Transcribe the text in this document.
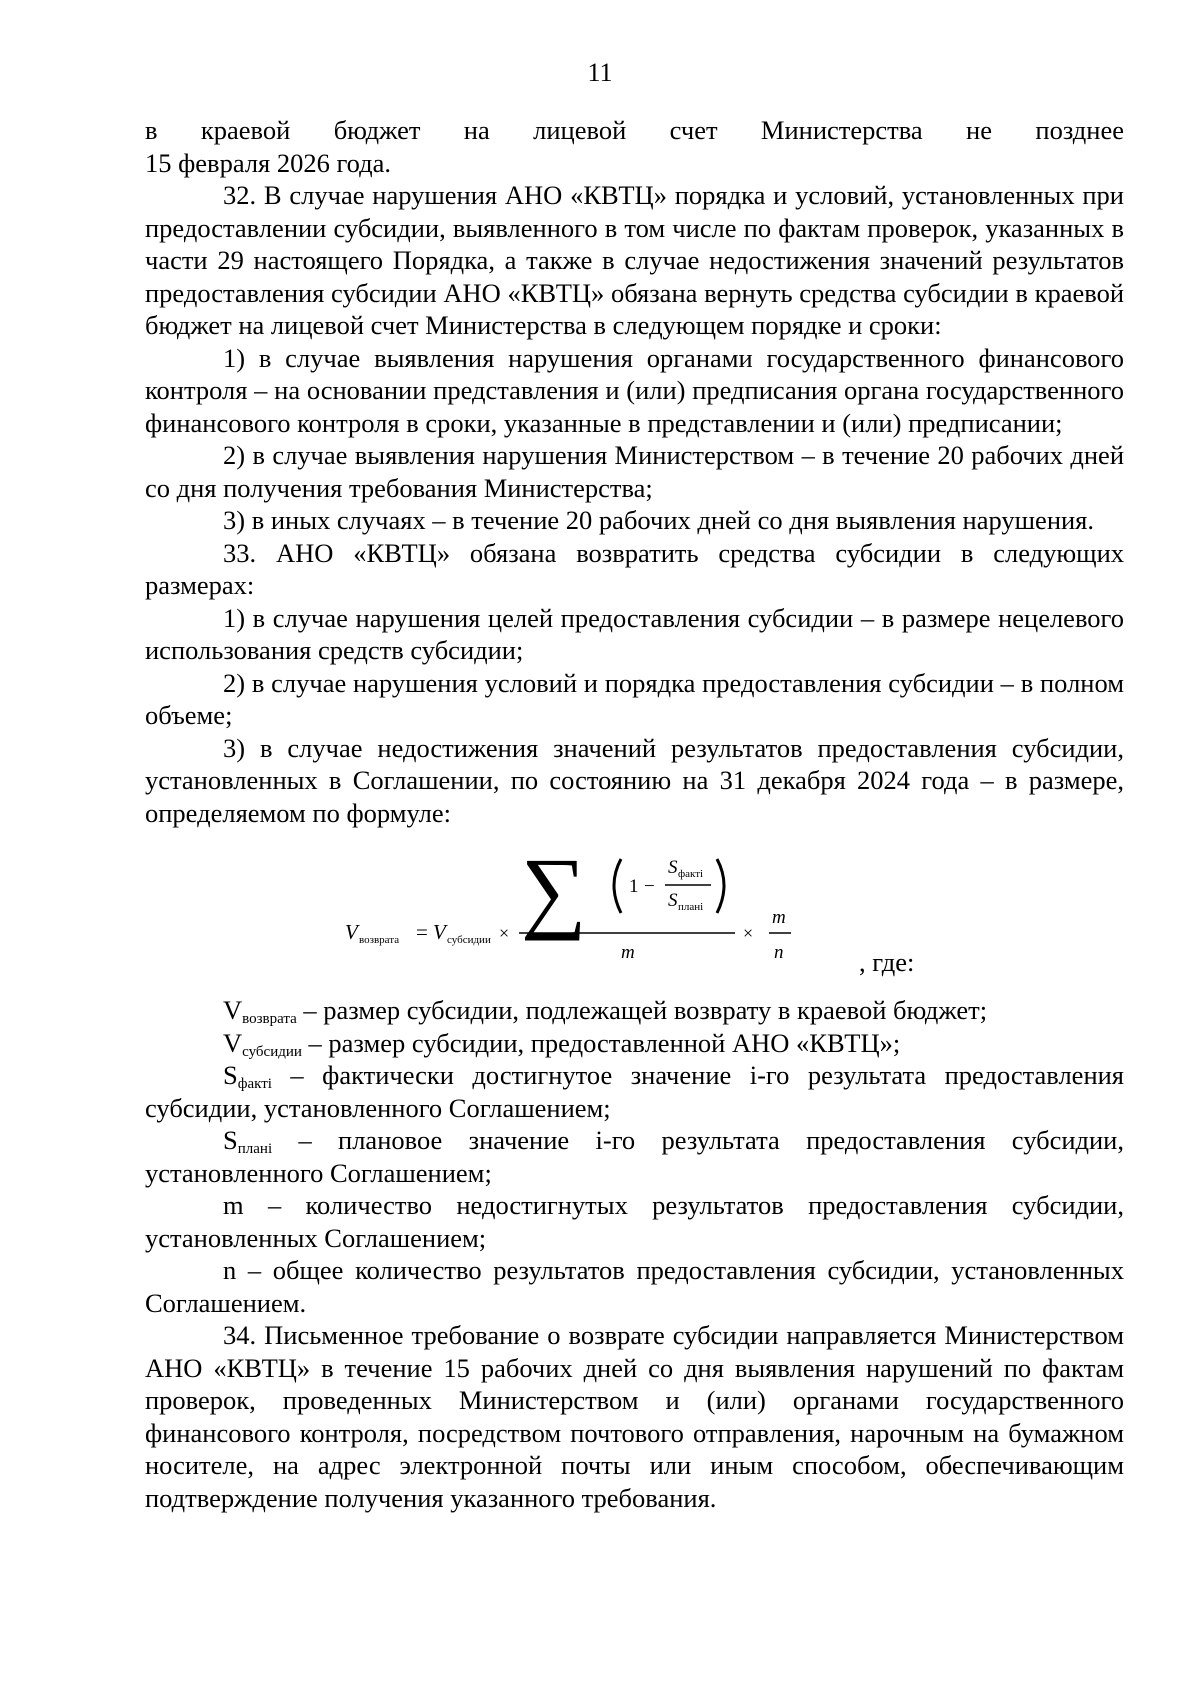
11

в краевой бюджет на лицевой счет Министерства не позднее

15 февраля 2026 года.

32. В случае нарушения АНО «КВТЦ» порядка и условий, установленных при предоставлении субсидии, выявленного в том числе по фактам проверок, указанных в части 29 настоящего Порядка, а также в случае недостижения значений результатов предоставления субсидии АНО «КВТЦ» обязана вернуть средства субсидии в краевой бюджет на лицевой счет Министерства в следующем порядке и сроки:

1) в случае выявления нарушения органами государственного финансового контроля – на основании представления и (или) предписания органа государственного финансового контроля в сроки, указанные в представлении и (или) предписании;

2) в случае выявления нарушения Министерством – в течение 20 рабочих дней со дня получения требования Министерства;

3) в иных случаях – в течение 20 рабочих дней со дня выявления нарушения.

33. АНО «КВТЦ» обязана возвратить средства субсидии в следующих размерах:

1) в случае нарушения целей предоставления субсидии – в размере нецелевого использования средств субсидии;

2) в случае нарушения условий и порядка предоставления субсидии – в полном объеме;

3) в случае недостижения значений результатов предоставления субсидии, установленных в Соглашении, по состоянию на 31 декабря 2024 года – в размере, определяемом по формуле:

V возврата = V субсидии × ∑ 1 −
S фактi
S планi
m
×
m
n	, где:

$V_{возврата}$ – размер субсидии, подлежащей возврату в краевой бюджет;

$V_{субсидии}$ – размер субсидии, предоставленной АНО «КВТЦ»;

$S_{фактi}$ – фактически достигнутое значение i-го результата предоставления субсидии, установленного Соглашением;

$S_{планi}$ – плановое значение i-го результата предоставления субсидии, установленного Соглашением;

m – количество недостигнутых результатов предоставления субсидии, установленных Соглашением;

n – общее количество результатов предоставления субсидии, установленных Соглашением.

34. Письменное требование о возврате субсидии направляется Министерством АНО «КВТЦ» в течение 15 рабочих дней со дня выявления нарушений по фактам проверок, проведенных Министерством и (или) органами государственного финансового контроля, посредством почтового отправления, нарочным на бумажном носителе, на адрес электронной почты или иным способом, обеспечивающим подтверждение получения указанного требования.
